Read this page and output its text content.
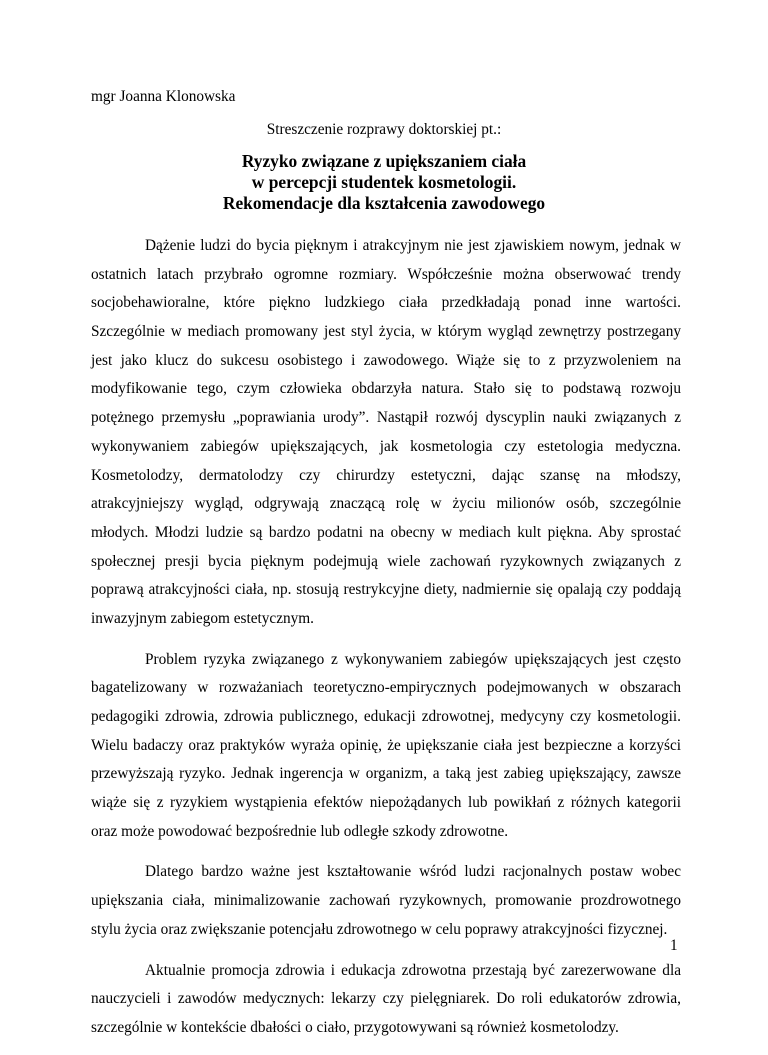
mgr Joanna Klonowska
Streszczenie rozprawy doktorskiej pt.:
Ryzyko związane z upiększaniem ciała
w percepcji studentek kosmetologii.
Rekomendacje dla kształcenia zawodowego
Dążenie ludzi do bycia pięknym i atrakcyjnym nie jest zjawiskiem nowym, jednak w
ostatnich latach przybrało ogromne rozmiary. Współcześnie można obserwować trendy
socjobehawioralne, które piękno ludzkiego ciała przedkładają ponad inne wartości.
Szczególnie w mediach promowany jest styl życia, w którym wygląd zewnętrzy postrzegany
jest jako klucz do sukcesu osobistego i zawodowego. Wiąże się to z przyzwoleniem na
modyfikowanie tego, czym człowieka obdarzyła natura. Stało się to podstawą rozwoju
potężnego przemysłu „poprawiania urody”. Nastąpił rozwój dyscyplin nauki związanych z
wykonywaniem zabiegów upiększających, jak kosmetologia czy estetologia medyczna.
Kosmetolodzy, dermatolodzy czy chirurdzy estetyczni, dając szansę na młodszy,
atrakcyjniejszy wygląd, odgrywają znaczącą rolę w życiu milionów osób, szczególnie
młodych. Młodzi ludzie są bardzo podatni na obecny w mediach kult piękna. Aby sprostać
społecznej presji bycia pięknym podejmują wiele zachowań ryzykownych związanych z
poprawą atrakcyjności ciała, np. stosują restrykcyjne diety, nadmiernie się opalają czy poddają
inwazyjnym zabiegom estetycznym.
Problem ryzyka związanego z wykonywaniem zabiegów upiększających jest często
bagatelizowany w rozważaniach teoretyczno-empirycznych podejmowanych w obszarach
pedagogiki zdrowia, zdrowia publicznego, edukacji zdrowotnej, medycyny czy kosmetologii.
Wielu badaczy oraz praktyków wyraża opinię, że upiększanie ciała jest bezpieczne a korzyści
przewyższają ryzyko. Jednak ingerencja w organizm, a taką jest zabieg upiększający, zawsze
wiąże się z ryzykiem wystąpienia efektów niepożądanych lub powikłań z różnych kategorii
oraz może powodować bezpośrednie lub odległe szkody zdrowotne.
Dlatego bardzo ważne jest kształtowanie wśród ludzi racjonalnych postaw wobec
upiększania ciała, minimalizowanie zachowań ryzykownych, promowanie prozdrowotnego
stylu życia oraz zwiększanie potencjału zdrowotnego w celu poprawy atrakcyjności fizycznej.
Aktualnie promocja zdrowia i edukacja zdrowotna przestają być zarezerwowane dla
nauczycieli i zawodów medycznych: lekarzy czy pielęgniarek. Do roli edukatorów zdrowia,
szczególnie w kontekście dbałości o ciało, przygotowywani są również kosmetolodzy.
1
